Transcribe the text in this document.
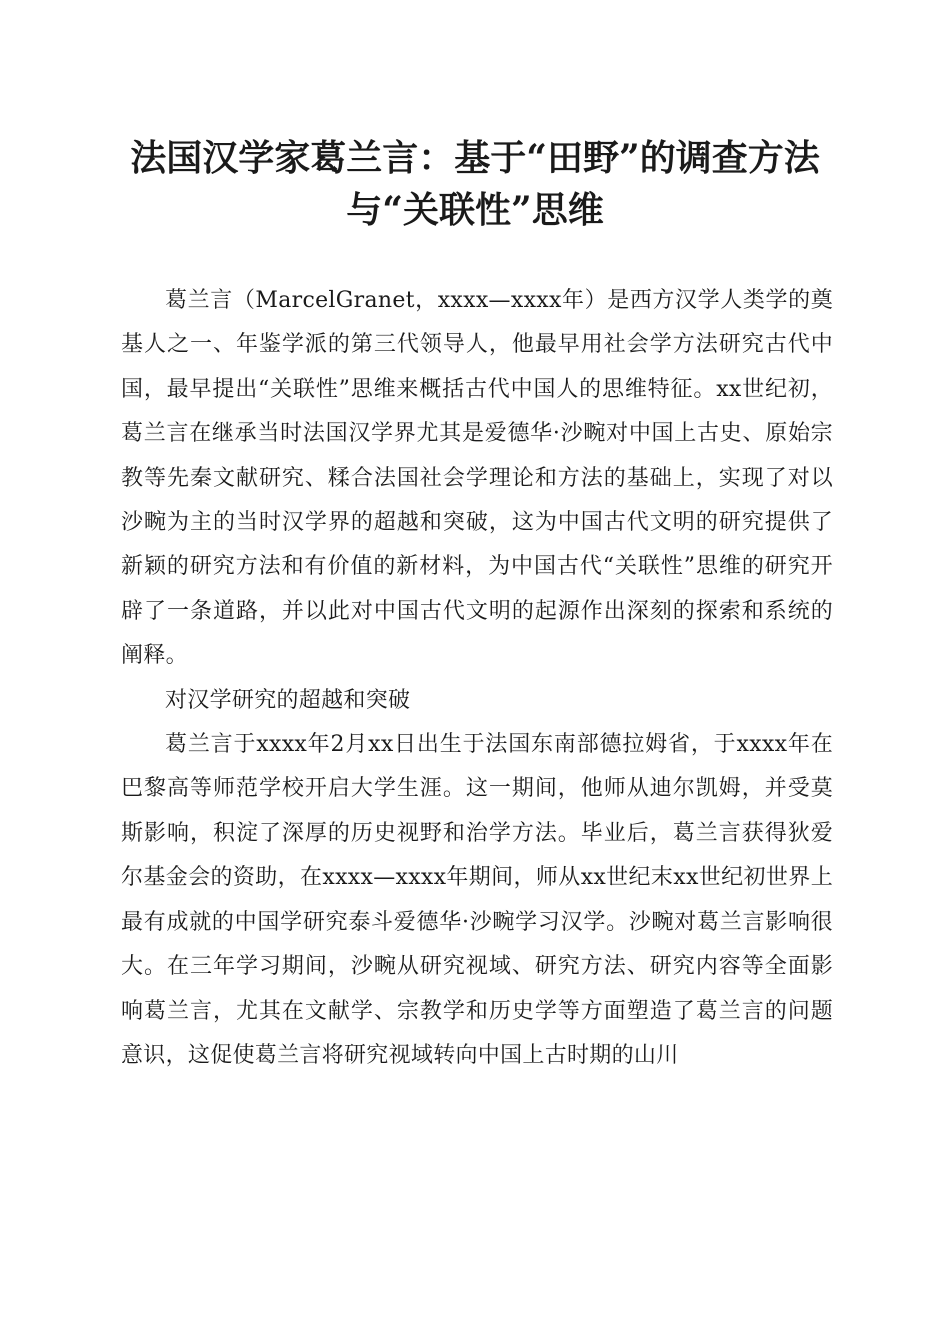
法国汉学家葛兰言：基于“田野”的调查方法
与“关联性”思维

葛兰言（MarcelGranet，xxxx—xxxx年）是西方汉学人类学的奠基人之一、年鉴学派的第三代领导人，他最早用社会学方法研究古代中国，最早提出“关联性”思维来概括古代中国人的思维特征。xx世纪初，葛兰言在继承当时法国汉学界尤其是爱德华·沙畹对中国上古史、原始宗教等先秦文献研究、糅合法国社会学理论和方法的基础上，实现了对以沙畹为主的当时汉学界的超越和突破，这为中国古代文明的研究提供了新颖的研究方法和有价值的新材料，为中国古代“关联性”思维的研究开辟了一条道路，并以此对中国古代文明的起源作出深刻的探索和系统的阐释。

对汉学研究的超越和突破

葛兰言于xxxx年2月xx日出生于法国东南部德拉姆省，于xxxx年在巴黎高等师范学校开启大学生涯。这一期间，他师从迪尔凯姆，并受莫斯影响，积淀了深厚的历史视野和治学方法。毕业后，葛兰言获得狄爱尔基金会的资助，在xxxx—xxxx年期间，师从xx世纪末xx世纪初世界上最有成就的中国学研究泰斗爱德华·沙畹学习汉学。沙畹对葛兰言影响很大。在三年学习期间，沙畹从研究视域、研究方法、研究内容等全面影响葛兰言，尤其在文献学、宗教学和历史学等方面塑造了葛兰言的问题意识，这促使葛兰言将研究视域转向中国上古时期的山川
